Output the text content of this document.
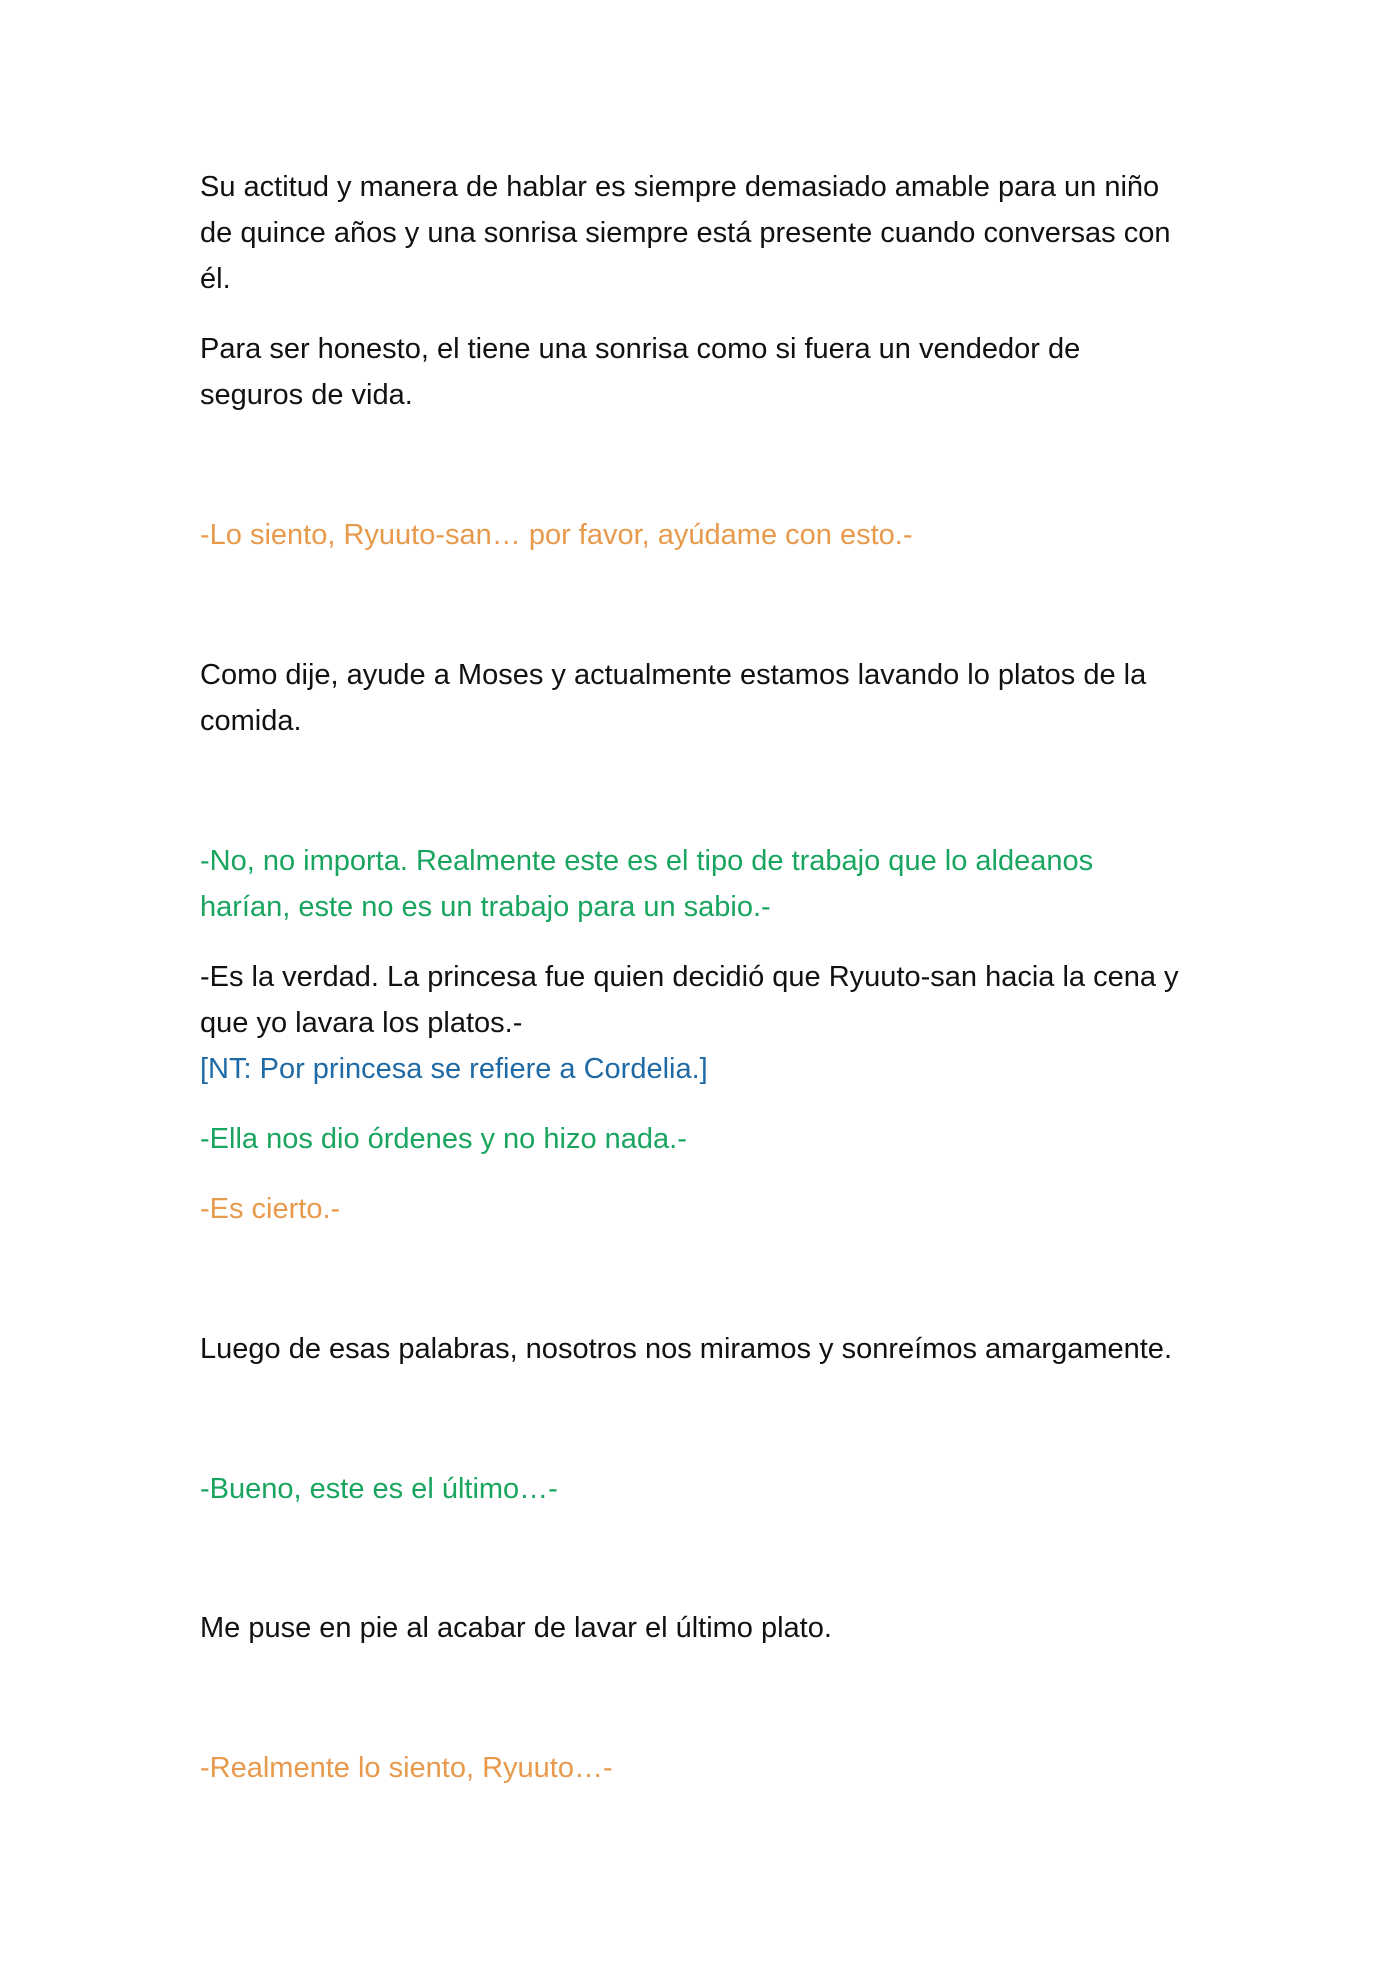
Su actitud y manera de hablar es siempre demasiado amable para un niño
de quince años y una sonrisa siempre está presente cuando conversas con
él.

Para ser honesto, el tiene una sonrisa como si fuera un vendedor de
seguros de vida.

-Lo siento, Ryuuto-san… por favor, ayúdame con esto.-

Como dije, ayude a Moses y actualmente estamos lavando lo platos de la
comida.

-No, no importa. Realmente este es el tipo de trabajo que lo aldeanos
harían, este no es un trabajo para un sabio.-

-Es la verdad. La princesa fue quien decidió que Ryuuto-san hacia la cena y
que yo lavara los platos.-

[NT: Por princesa se refiere a Cordelia.]

-Ella nos dio órdenes y no hizo nada.-

-Es cierto.-

Luego de esas palabras, nosotros nos miramos y sonreímos amargamente.

-Bueno, este es el último…-

Me puse en pie al acabar de lavar el último plato.

-Realmente lo siento, Ryuuto…-
